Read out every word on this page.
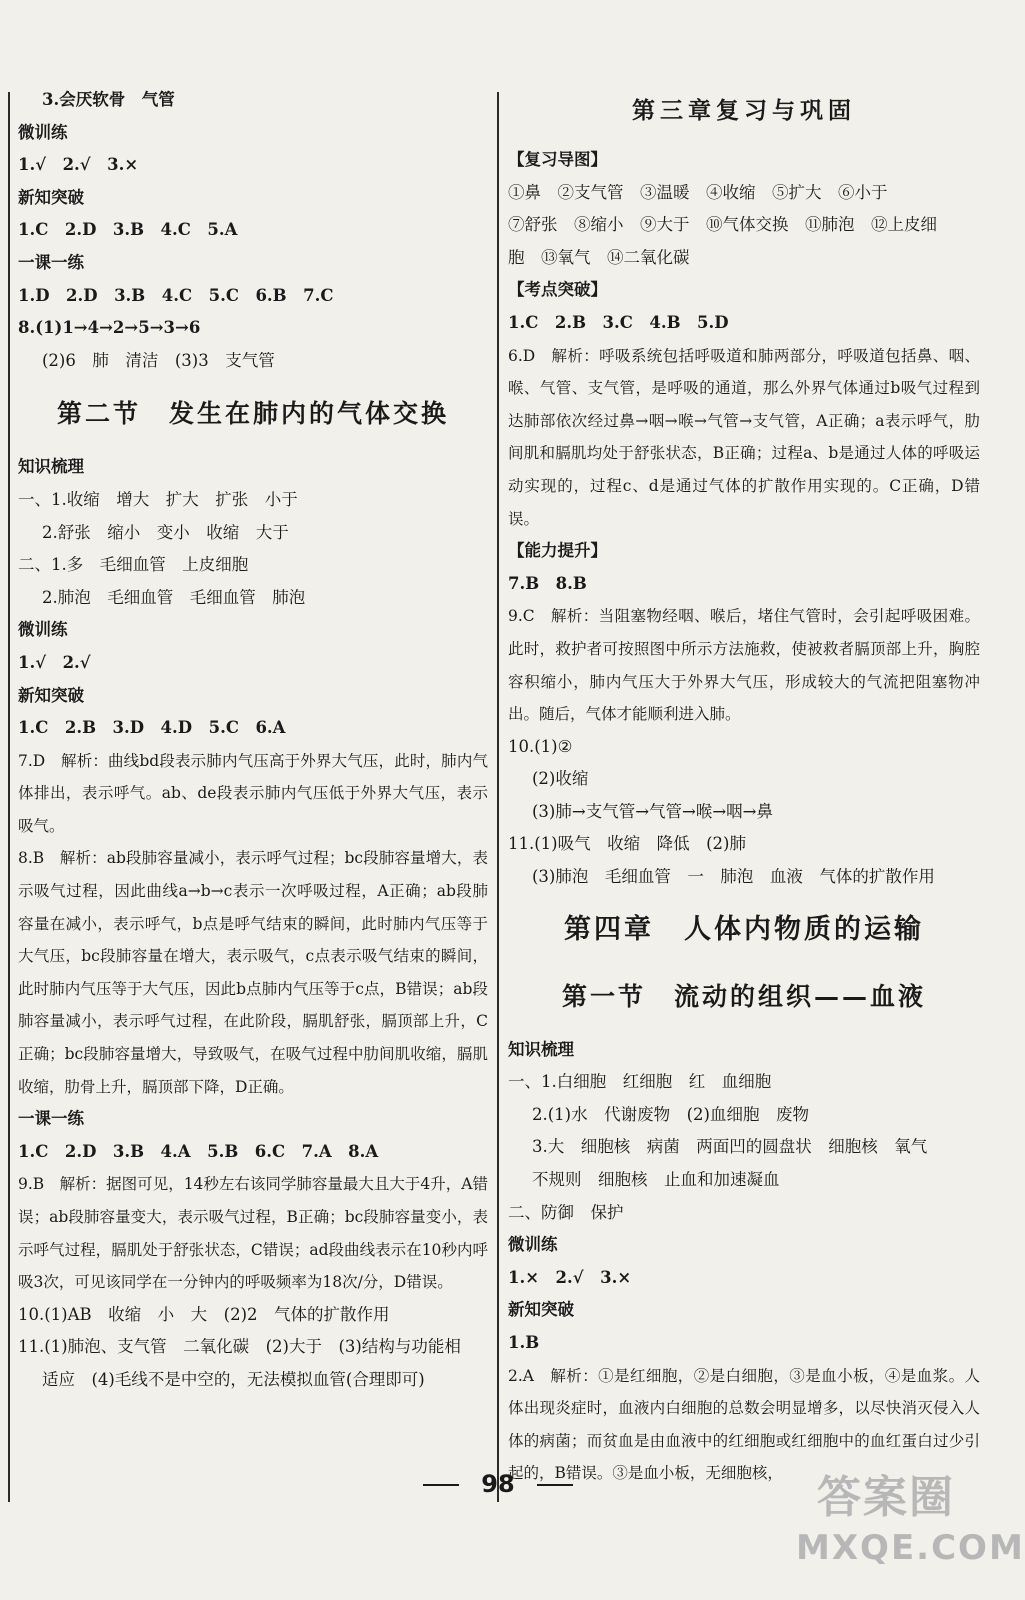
3.会厌软骨　气管
微训练
1.√　2.√　3.×
新知突破
1.C　2.D　3.B　4.C　5.A
一课一练
1.D　2.D　3.B　4.C　5.C　6.B　7.C
8.(1)1→4→2→5→3→6
(2)6　肺　清洁　(3)3　支气管
第二节　发生在肺内的气体交换
知识梳理
一、1.收缩　增大　扩大　扩张　小于
2.舒张　缩小　变小　收缩　大于
二、1.多　毛细血管　上皮细胞
2.肺泡　毛细血管　毛细血管　肺泡
微训练
1.√　2.√
新知突破
1.C　2.B　3.D　4.D　5.C　6.A
7.D　解析：曲线bd段表示肺内气压高于外界大气压，此时，肺内气体排出，表示呼气。ab、de段表示肺内气压低于外界大气压，表示吸气。
8.B　解析：ab段肺容量减小，表示呼气过程；bc段肺容量增大，表示吸气过程，因此曲线a→b→c表示一次呼吸过程，A正确；ab段肺容量在减小，表示呼气，b点是呼气结束的瞬间，此时肺内气压等于大气压，bc段肺容量在增大，表示吸气，c点表示吸气结束的瞬间，此时肺内气压等于大气压，因此b点肺内气压等于c点，B错误；ab段肺容量减小，表示呼气过程，在此阶段，膈肌舒张，膈顶部上升，C正确；bc段肺容量增大，导致吸气，在吸气过程中肋间肌收缩，膈肌收缩，肋骨上升，膈顶部下降，D正确。
一课一练
1.C　2.D　3.B　4.A　5.B　6.C　7.A　8.A
9.B　解析：据图可见，14秒左右该同学肺容量最大且大于4升，A错误；ab段肺容量变大，表示吸气过程，B正确；bc段肺容量变小，表示呼气过程，膈肌处于舒张状态，C错误；ad段曲线表示在10秒内呼吸3次，可见该同学在一分钟内的呼吸频率为18次/分，D错误。
10.(1)AB　收缩　小　大　(2)2　气体的扩散作用
11.(1)肺泡、支气管　二氧化碳　(2)大于　(3)结构与功能相
适应　(4)毛线不是中空的，无法模拟血管(合理即可)
第三章复习与巩固
【复习导图】
①鼻　②支气管　③温暖　④收缩　⑤扩大　⑥小于
⑦舒张　⑧缩小　⑨大于　⑩气体交换　⑪肺泡　⑫上皮细
胞　⑬氧气　⑭二氧化碳
【考点突破】
1.C　2.B　3.C　4.B　5.D
6.D　解析：呼吸系统包括呼吸道和肺两部分，呼吸道包括鼻、咽、喉、气管、支气管，是呼吸的通道，那么外界气体通过b吸气过程到达肺部依次经过鼻→咽→喉→气管→支气管，A正确；a表示呼气，肋间肌和膈肌均处于舒张状态，B正确；过程a、b是通过人体的呼吸运动实现的，过程c、d是通过气体的扩散作用实现的。C正确，D错误。
【能力提升】
7.B　8.B
9.C　解析：当阻塞物经咽、喉后，堵住气管时，会引起呼吸困难。此时，救护者可按照图中所示方法施救，使被救者膈顶部上升，胸腔容积缩小，肺内气压大于外界大气压，形成较大的气流把阻塞物冲出。随后，气体才能顺利进入肺。
10.(1)②
(2)收缩
(3)肺→支气管→气管→喉→咽→鼻
11.(1)吸气　收缩　降低　(2)肺
(3)肺泡　毛细血管　一　肺泡　血液　气体的扩散作用
第四章　人体内物质的运输
第一节　流动的组织——血液
知识梳理
一、1.白细胞　红细胞　红　血细胞
2.(1)水　代谢废物　(2)血细胞　废物
3.大　细胞核　病菌　两面凹的圆盘状　细胞核　氧气
不规则　细胞核　止血和加速凝血
二、防御　保护
微训练
1.×　2.√　3.×
新知突破
1.B
2.A　解析：①是红细胞，②是白细胞，③是血小板，④是血浆。人体出现炎症时，血液内白细胞的总数会明显增多，以尽快消灭侵入人体的病菌；而贫血是由血液中的红细胞或红细胞中的血红蛋白过少引起的，B错误。③是血小板，无细胞核，
98	答案圈
MXQE.COM
